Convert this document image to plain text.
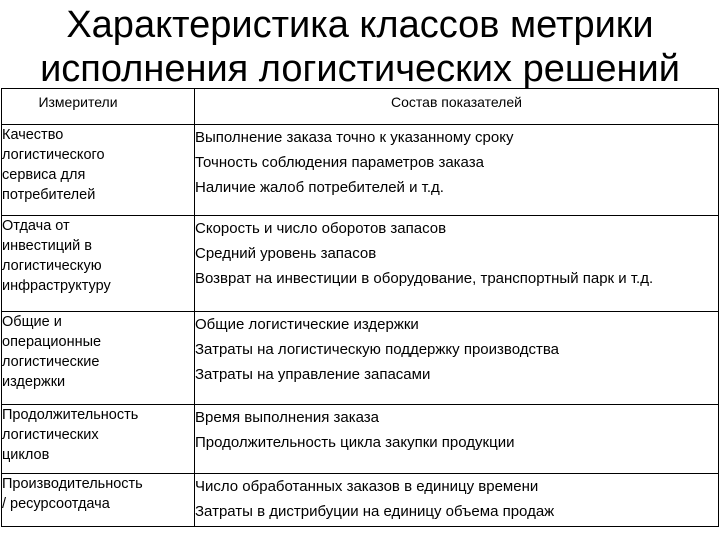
Характеристика классов метрики
исполнения логистических решений
Измерители	Состав показателей

Качество
логистического
сервиса для
потребителей	Выполнение заказа точно к указанному сроку
Точность соблюдения параметров заказа
Наличие жалоб потребителей и т.д.

Отдача от
инвестиций в
логистическую
инфраструктуру	Скорость и число оборотов запасов
Средний уровень запасов
Возврат на инвестиции в оборудование, транспортный парк и т.д.

Общие и
операционные
логистические
издержки	Общие логистические издержки
Затраты на логистическую поддержку производства
Затраты на управление запасами

Продолжительность
логистических
циклов	Время выполнения заказа
Продолжительность цикла закупки продукции

Производительность
/ ресурсоотдача	Число обработанных заказов в единицу времени
Затраты в дистрибуции на единицу объема продаж
